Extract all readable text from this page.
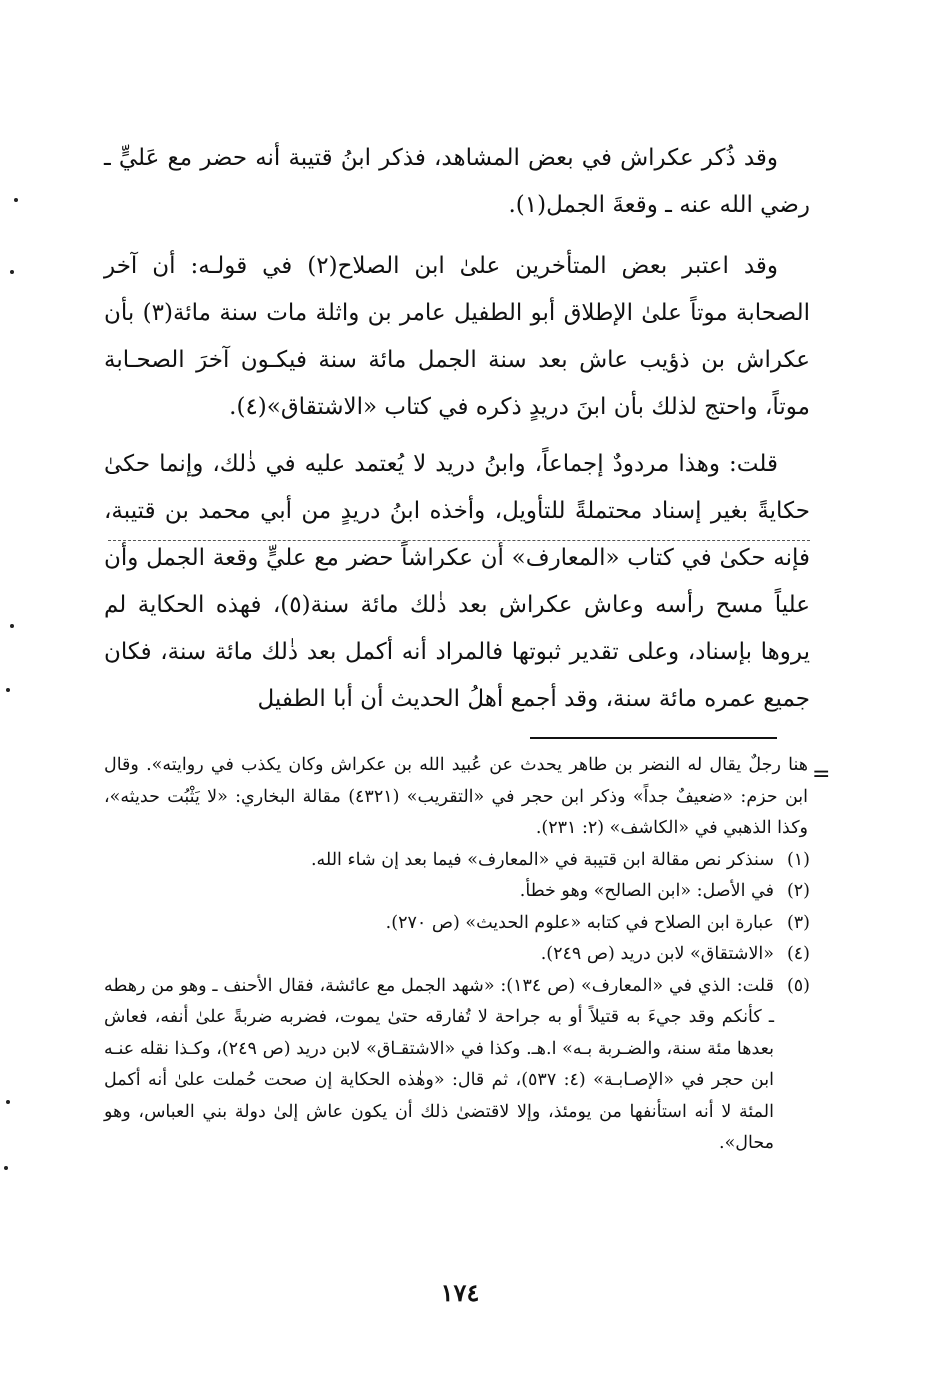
وقد ذُكر عكراش في بعض المشاهد، فذكر ابنُ قتيبة أنه حضر مع عَليٍّ ـ رضي الله عنه ـ وقعةَ الجمل(١).

وقد اعتبر بعض المتأخرين علىٰ ابن الصلاح(٢) في قولـه: أن آخر الصحابة موتاً علىٰ الإطلاق أبو الطفيل عامر بن واثلة مات سنة مائة(٣) بأن عكراش بن ذؤيب عاش بعد سنة الجمل مائة سنة فيكـون آخرَ الصحـابة موتاً، واحتج لذلك بأن ابنَ دريدٍ ذكره في كتاب «الاشتقاق»(٤).

قلت: وهذا مردودٌ إجماعاً، وابنُ دريد لا يُعتمد عليه في ذٰلك، وإنما حكىٰ حكايةً بغير إسناد محتملةً للتأويل، وأخذه ابنُ دريدٍ من أبي محمد بن قتيبة، فإنه حكىٰ في كتاب «المعارف» أن عكراشاً حضر مع عليٍّ وقعة الجمل وأن علياً مسح رأسه وعاش عكراش بعد ذٰلك مائة سنة(٥)، فهذه الحكاية لم يروها بإسناد، وعلى تقدير ثبوتها فالمراد أنه أكمل بعد ذٰلك مائة سنة، فكان جميع عمره مائة سنة، وقد أجمع أهلُ الحديث أن أبا الطفيل

=

هنا رجلٌ يقال له النضر بن طاهر يحدث عن عُبيد الله بن عكراش وكان يكذب في روايته». وقال ابن حزم: «ضعيفٌ جداً» وذكر ابن حجر في «التقريب» (٤٣٢١) مقالة البخاري: «لا يَثْبُت حديثه»، وكذا الذهبي في «الكاشف» (٢: ٢٣١).

(١)
سنذكر نص مقالة ابن قتيبة في «المعارف» فيما بعد إن شاء الله.

(٢)
في الأصل: «ابن الصالح» وهو خطأ.

(٣)
عبارة ابن الصلاح في كتابه «علوم الحديث» (ص ٢٧٠).

(٤)
«الاشتقاق» لابن دريد (ص ٢٤٩).

(٥)
قلت: الذي في «المعارف» (ص ١٣٤): «شهد الجمل مع عائشة، فقال الأحنف ـ وهو من رهطه ـ كأنكم وقد جيءَ به قتيلاً أو به جراحة لا تُفارقه حتىٰ يموت، فضربه ضربةً علىٰ أنفه، فعاش بعدها مئة سنة، والضـربة بـه» ا.هـ. وكذا في «الاشتقـاق» لابن دريد (ص ٢٤٩)، وكـذا نقله عنـه ابن حجر في «الإصـابـة» (٤: ٥٣٧)، ثم قال: «وهٰذه الحكاية إن صحت حُملت علىٰ أنه أكمل المئة لا أنه استأنفها من يومئذ، وإلا لاقتضىٰ ذلك أن يكون عاش إلىٰ دولة بني العباس، وهو محال».

١٧٤
